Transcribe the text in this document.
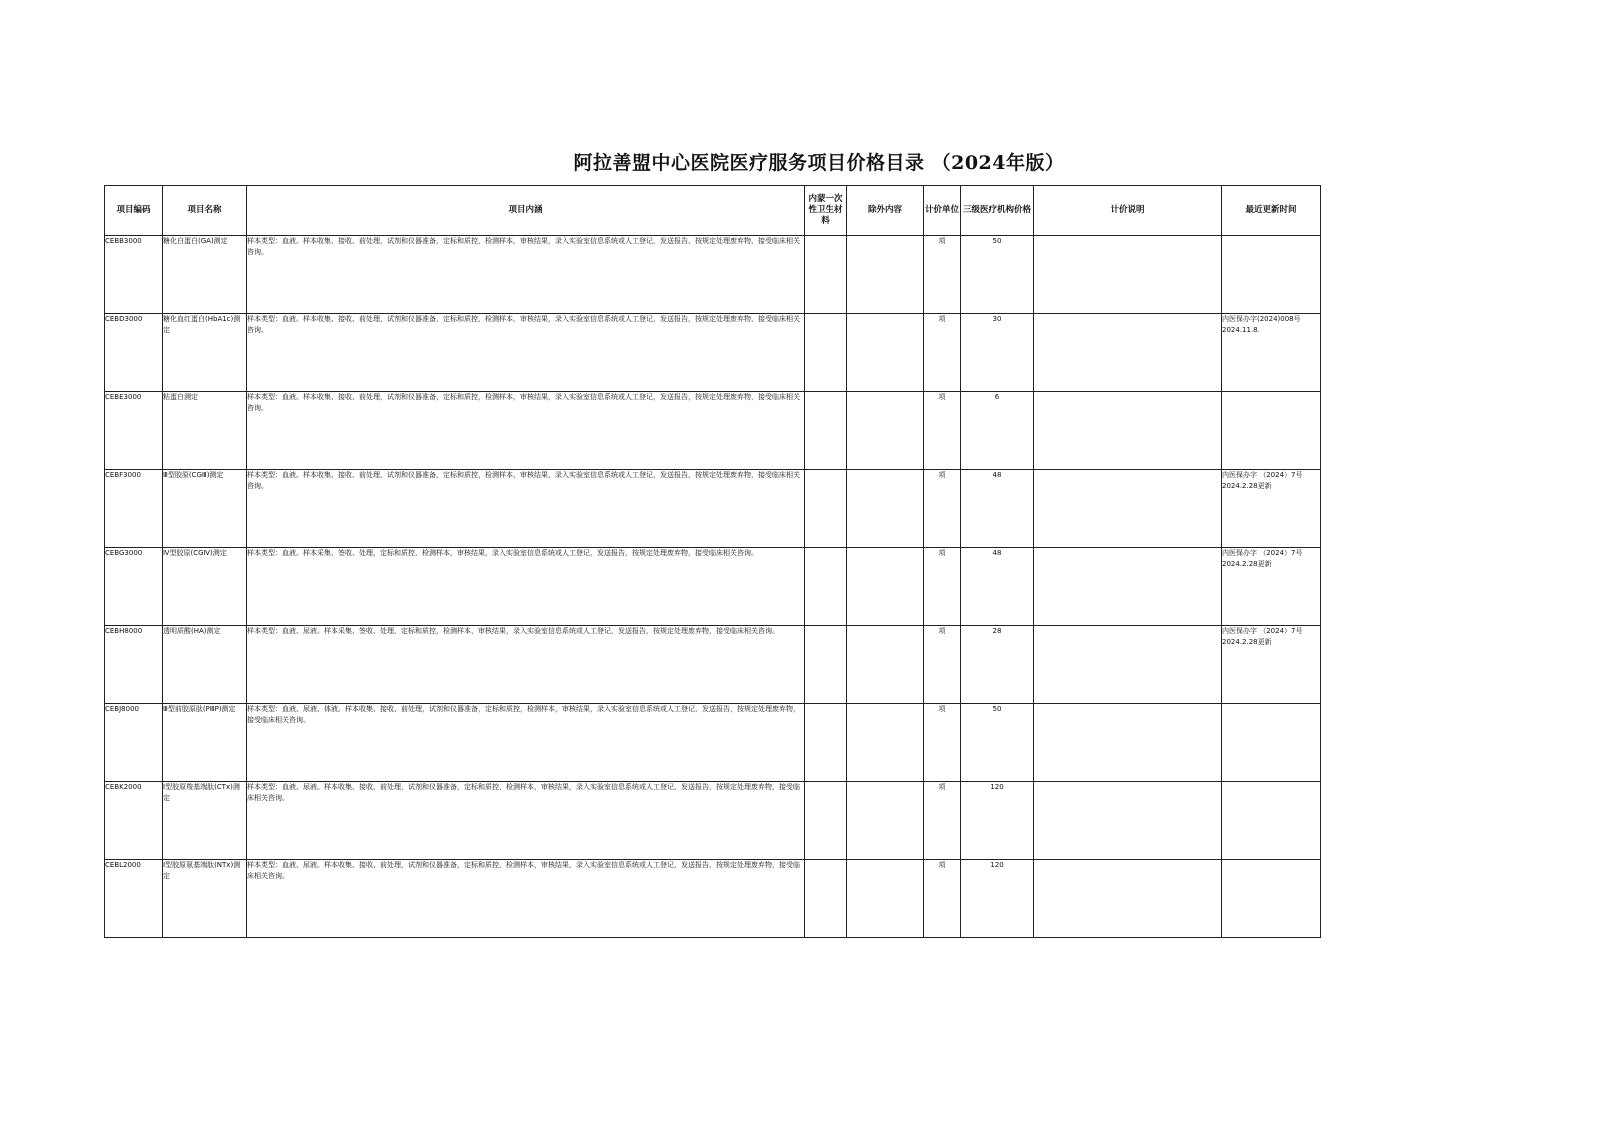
阿拉善盟中心医院医疗服务项目价格目录 （2024年版）
项目编码	项目名称	项目内涵	内蒙一次性卫生材料	除外内容	计价单位	三级医疗机构价格	计价说明	最近更新时间
CEBB3000	糖化白蛋白(GA)测定	样本类型：血液。样本收集、接收、前处理，试剂和仪器准备，定标和质控，检测样本，审核结果，录入实验室信息系统或人工登记，发送报告，按规定处理废弃物，接受临床相关咨询。			项	50		
CEBD3000	糖化血红蛋白(HbA1c)测定	样本类型：血液。样本收集、接收、前处理，试剂和仪器准备，定标和质控，检测样本，审核结果，录入实验室信息系统或人工登记，发送报告，按规定处理废弃物，接受临床相关咨询。			项	30		内医保办字(2024)008号 2024.11.8.
CEBE3000	粘蛋白测定	样本类型：血液。样本收集、接收、前处理，试剂和仪器准备，定标和质控，检测样本，审核结果，录入实验室信息系统或人工登记，发送报告，按规定处理废弃物，接受临床相关咨询。			项	6		
CEBF3000	Ⅲ型胶原(CGⅢ)测定	样本类型：血液。样本收集、接收、前处理，试剂和仪器准备，定标和质控，检测样本，审核结果，录入实验室信息系统或人工登记，发送报告，按规定处理废弃物，接受临床相关咨询。			项	48		内医保办字 （2024）7号 2024.2.28更新
CEBG3000	Ⅳ型胶原(CGⅣ)测定	样本类型：血液。样本采集、签收、处理，定标和质控，检测样本，审核结果，录入实验室信息系统或人工登记，发送报告，按规定处理废弃物，接受临床相关咨询。			项	48		内医保办字 （2024）7号 2024.2.28更新
CEBH8000	透明质酸(HA)测定	样本类型：血液、尿液。样本采集、签收、处理，定标和质控，检测样本，审核结果，录入实验室信息系统或人工登记，发送报告，按规定处理废弃物，接受临床相关咨询。			项	28		内医保办字 （2024）7号 2024.2.28更新
CEBJ8000	Ⅲ型前胶原肽(PⅢP)测定	样本类型：血液、尿液、体液。样本收集、接收、前处理，试剂和仪器准备，定标和质控，检测样本，审核结果，录入实验室信息系统或人工登记，发送报告，按规定处理废弃物，接受临床相关咨询。			项	50		
CEBK2000	Ⅰ型胶原羧基端肽(CTx)测定	样本类型：血液、尿液。样本收集、接收、前处理，试剂和仪器准备，定标和质控，检测样本，审核结果，录入实验室信息系统或人工登记，发送报告，按规定处理废弃物，接受临床相关咨询。			项	120		
CEBL2000	Ⅰ型胶原氨基端肽(NTx)测定	样本类型：血液、尿液。样本收集、接收、前处理，试剂和仪器准备，定标和质控，检测样本，审核结果，录入实验室信息系统或人工登记，发送报告，按规定处理废弃物，接受临床相关咨询。			项	120		
